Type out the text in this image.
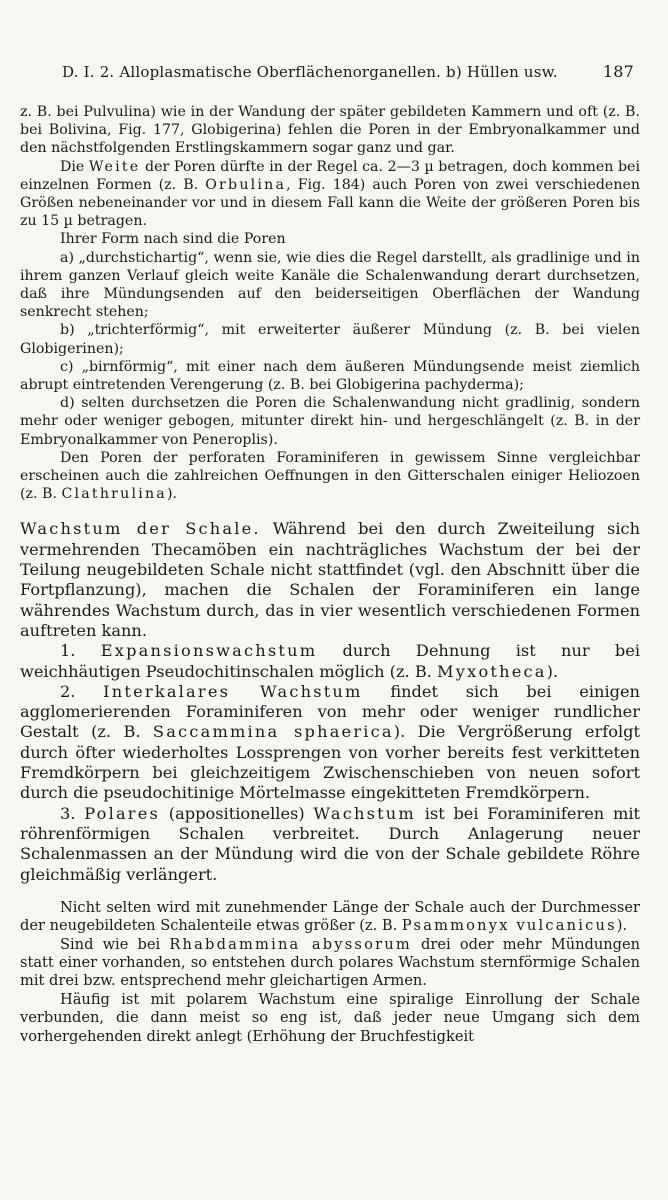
D. I. 2. Alloplasmatische Oberflächenorganellen. b) Hüllen usw.	187

z. B. bei Pulvulina) wie in der Wandung der später gebildeten Kammern und oft (z. B. bei Bolivina, Fig. 177, Globigerina) fehlen die Poren in der Embryonalkammer und den nächstfolgenden Erstlingskammern sogar ganz und gar.

Die Weite der Poren dürfte in der Regel ca. 2—3 µ betragen, doch kommen bei einzelnen Formen (z. B. Orbulina, Fig. 184) auch Poren von zwei verschiedenen Größen nebeneinander vor und in diesem Fall kann die Weite der größeren Poren bis zu 15 µ betragen.

Ihrer Form nach sind die Poren

a) „durchstichartig“, wenn sie, wie dies die Regel darstellt, als gradlinige und in ihrem ganzen Verlauf gleich weite Kanäle die Schalenwandung derart durchsetzen, daß ihre Mündungsenden auf den beiderseitigen Oberflächen der Wandung senkrecht stehen;

b) „trichterförmig“, mit erweiterter äußerer Mündung (z. B. bei vielen Globigerinen);

c) „birnförmig“, mit einer nach dem äußeren Mündungsende meist ziemlich abrupt eintretenden Verengerung (z. B. bei Globigerina pachyderma);

d) selten durchsetzen die Poren die Schalenwandung nicht gradlinig, sondern mehr oder weniger gebogen, mitunter direkt hin- und hergeschlängelt (z. B. in der Embryonalkammer von Peneroplis).

Den Poren der perforaten Foraminiferen in gewissem Sinne vergleichbar erscheinen auch die zahlreichen Oeffnungen in den Gitterschalen einiger Heliozoen (z. B. Clathrulina).

Wachstum der Schale. Während bei den durch Zweiteilung sich vermehrenden Thecamöben ein nachträgliches Wachstum der bei der Teilung neugebildeten Schale nicht stattfindet (vgl. den Abschnitt über die Fortpflanzung), machen die Schalen der Foraminiferen ein lange währendes Wachstum durch, das in vier wesentlich verschiedenen Formen auftreten kann.

1. Expansionswachstum durch Dehnung ist nur bei weichhäutigen Pseudochitinschalen möglich (z. B. Myxotheca).

2. Interkalares Wachstum findet sich bei einigen agglomerierenden Foraminiferen von mehr oder weniger rundlicher Gestalt (z. B. Saccammina sphaerica). Die Vergrößerung erfolgt durch öfter wiederholtes Lossprengen von vorher bereits fest verkitteten Fremdkörpern bei gleichzeitigem Zwischenschieben von neuen sofort durch die pseudochitinige Mörtelmasse eingekitteten Fremdkörpern.

3. Polares (appositionelles) Wachstum ist bei Foraminiferen mit röhrenförmigen Schalen verbreitet. Durch Anlagerung neuer Schalenmassen an der Mündung wird die von der Schale gebildete Röhre gleichmäßig verlängert.

Nicht selten wird mit zunehmender Länge der Schale auch der Durchmesser der neugebildeten Schalenteile etwas größer (z. B. Psammonyx vulcanicus).

Sind wie bei Rhabdammina abyssorum drei oder mehr Mündungen statt einer vorhanden, so entstehen durch polares Wachstum sternförmige Schalen mit drei bzw. entsprechend mehr gleichartigen Armen.

Häufig ist mit polarem Wachstum eine spiralige Einrollung der Schale verbunden, die dann meist so eng ist, daß jeder neue Umgang sich dem vorhergehenden direkt anlegt (Erhöhung der Bruchfestigkeit
